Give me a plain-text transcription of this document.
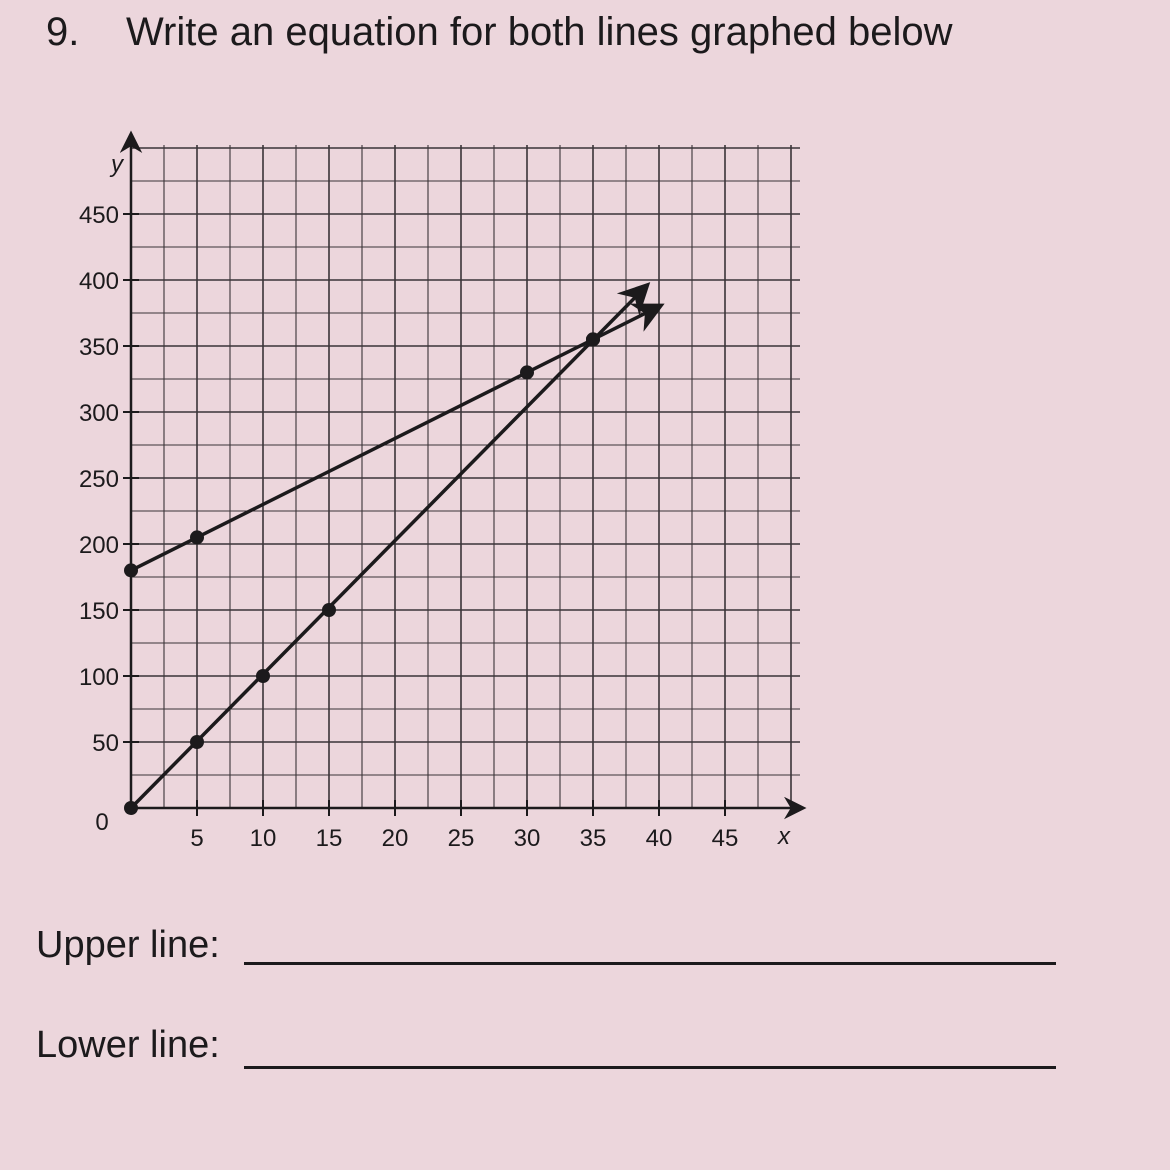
9. Write an equation for both lines graphed below
5 10 15 20 25 30 35 40 45
50
100
150
200
250
300
350
400
450
0
x
y
Upper line:
Lower line:
